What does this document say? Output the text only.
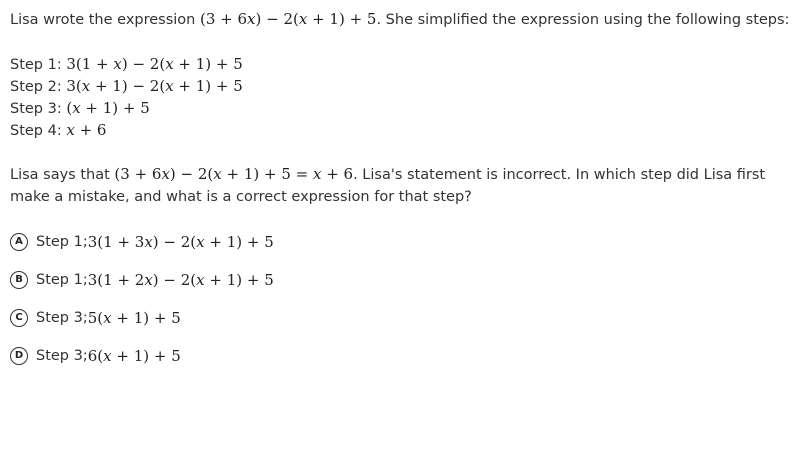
Lisa wrote the expression (3 + 6𝑥) − 2(𝑥 + 1) + 5. She simplified the expression using the following steps:

Step 1: 3(1 + 𝑥) − 2(𝑥 + 1) + 5
Step 2: 3(𝑥 + 1) − 2(𝑥 + 1) + 5
Step 3: (𝑥 + 1) + 5
Step 4: 𝑥 + 6

Lisa says that (3 + 6𝑥) − 2(𝑥 + 1) + 5 = 𝑥 + 6. Lisa's statement is incorrect. In which step did Lisa first make a mistake, and what is a correct expression for that step?

A Step 1; 3(1 + 3𝑥) − 2(𝑥 + 1) + 5
B Step 1; 3(1 + 2𝑥) − 2(𝑥 + 1) + 5
C Step 3; 5(𝑥 + 1) + 5
D Step 3; 6(𝑥 + 1) + 5
